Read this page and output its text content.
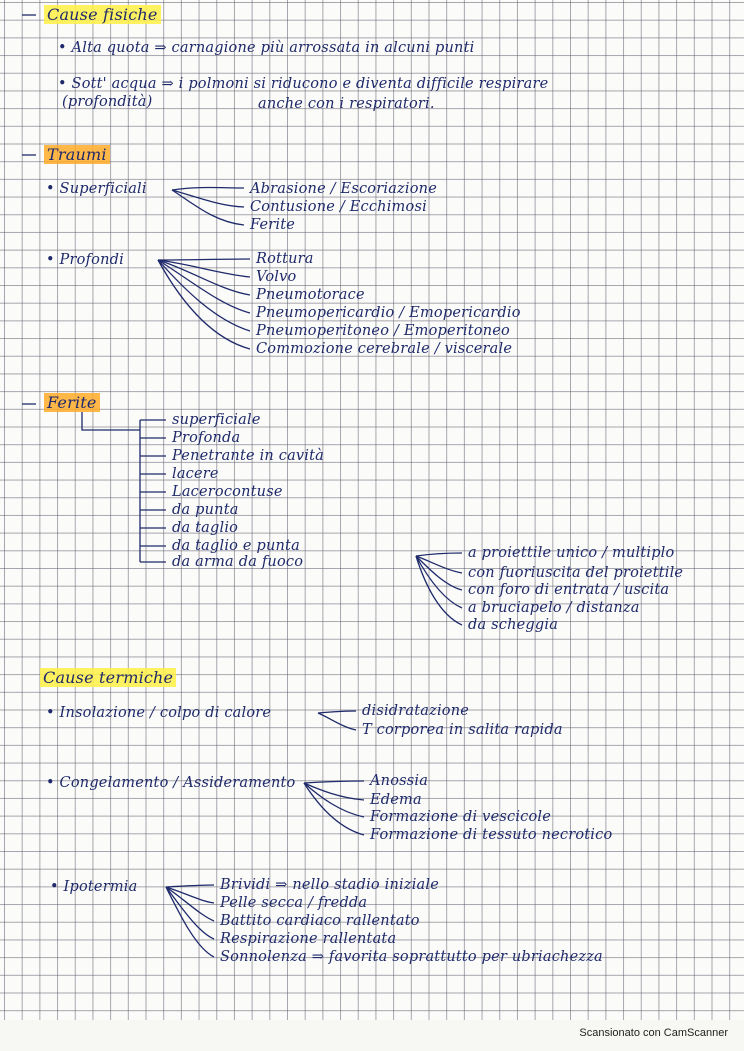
Cause fisiche
• Alta quota ⇒ carnagione più arrossata in alcuni punti
• Sott' acqua ⇒ i polmoni si riducono e diventa difficile respirare
(profondità)	anche con i respiratori.
Traumi
• Superficiali	Abrasione / Escoriazione
Contusione / Ecchimosi
Ferite
• Profondi	Rottura
Volvo
Pneumotorace
Pneumopericardio / Emopericardio
Pneumoperitoneo / Emoperitoneo
Commozione cerebrale / viscerale
Ferite
superficiale
Profonda
Penetrante in cavità
lacere
Lacerocontuse
da punta
da taglio
da taglio e punta
da arma da fuoco
a proiettile unico / multiplo
con fuoriuscita del proiettile
con foro di entrata / uscita
a bruciapelo / distanza
da scheggia
Cause termiche
• Insolazione / colpo di calore	disidratazione
T corporea in salita rapida
• Congelamento / Assideramento	Anossia
Edema
Formazione di vescicole
Formazione di tessuto necrotico
• Ipotermia	Brividi ⇒ nello stadio iniziale
Pelle secca / fredda
Battito cardiaco rallentato
Respirazione rallentata
Sonnolenza ⇒ favorita soprattutto per ubriachezza
Scansionato con CamScanner
